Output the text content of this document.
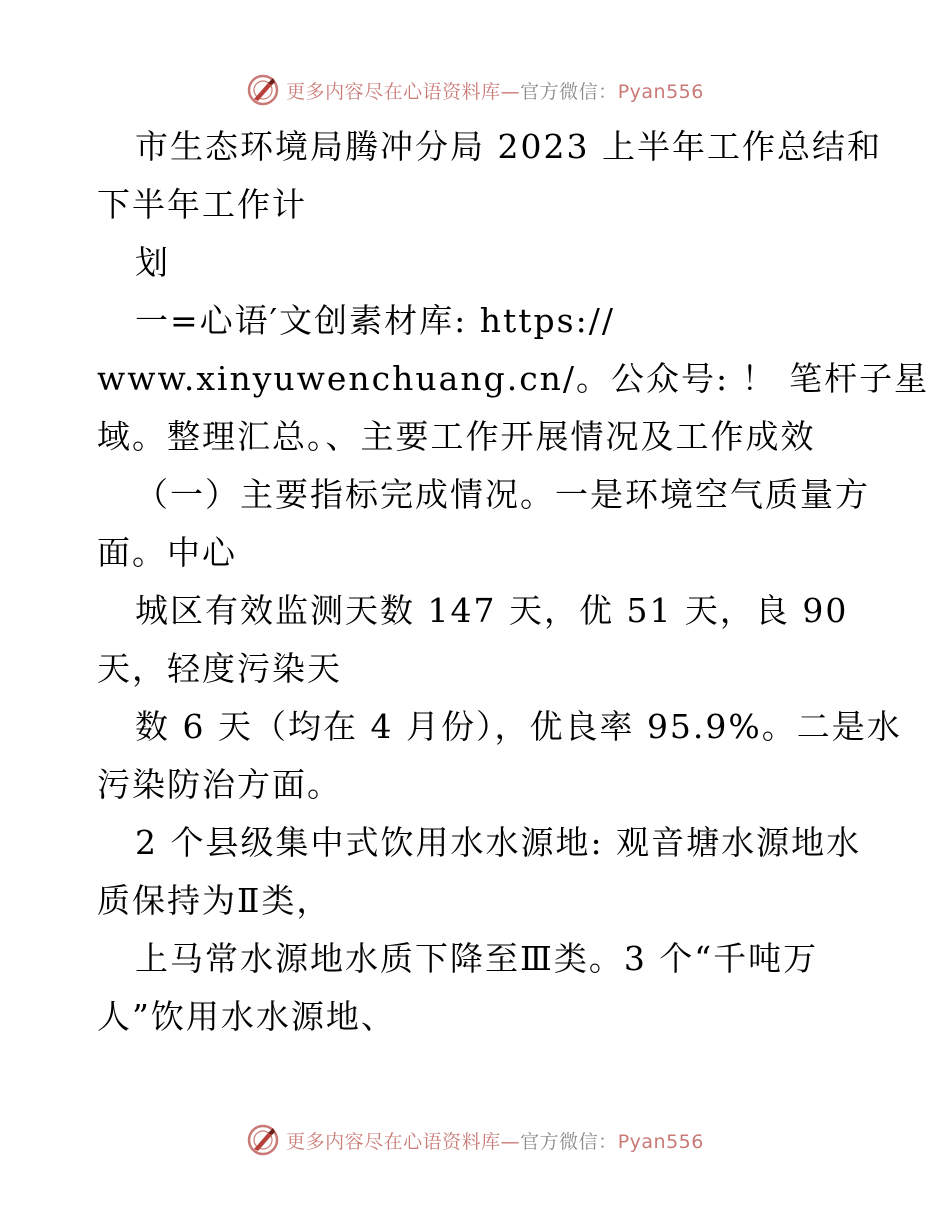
更多内容尽在心语资料库—官方微信：Pyan556
市生态环境局腾冲分局 2023 上半年工作总结和
下半年工作计
划
一=心语′文创素材库: https://
www.xinyuwenchuang.cn/。公众号: ！ 笔杆子星
域。整理汇总。、主要工作开展情况及工作成效
（一）主要指标完成情况。一是环境空气质量方
面。中心
城区有效监测天数 147 天，优 51 天，良 90
天，轻度污染天
数 6 天（均在 4 月份），优良率 95.9%。二是水
污染防治方面。
2 个县级集中式饮用水水源地: 观音塘水源地水
质保持为Ⅱ类，
上马常水源地水质下降至Ⅲ类。3 个“千吨万
人”饮用水水源地、
更多内容尽在心语资料库—官方微信：Pyan556
